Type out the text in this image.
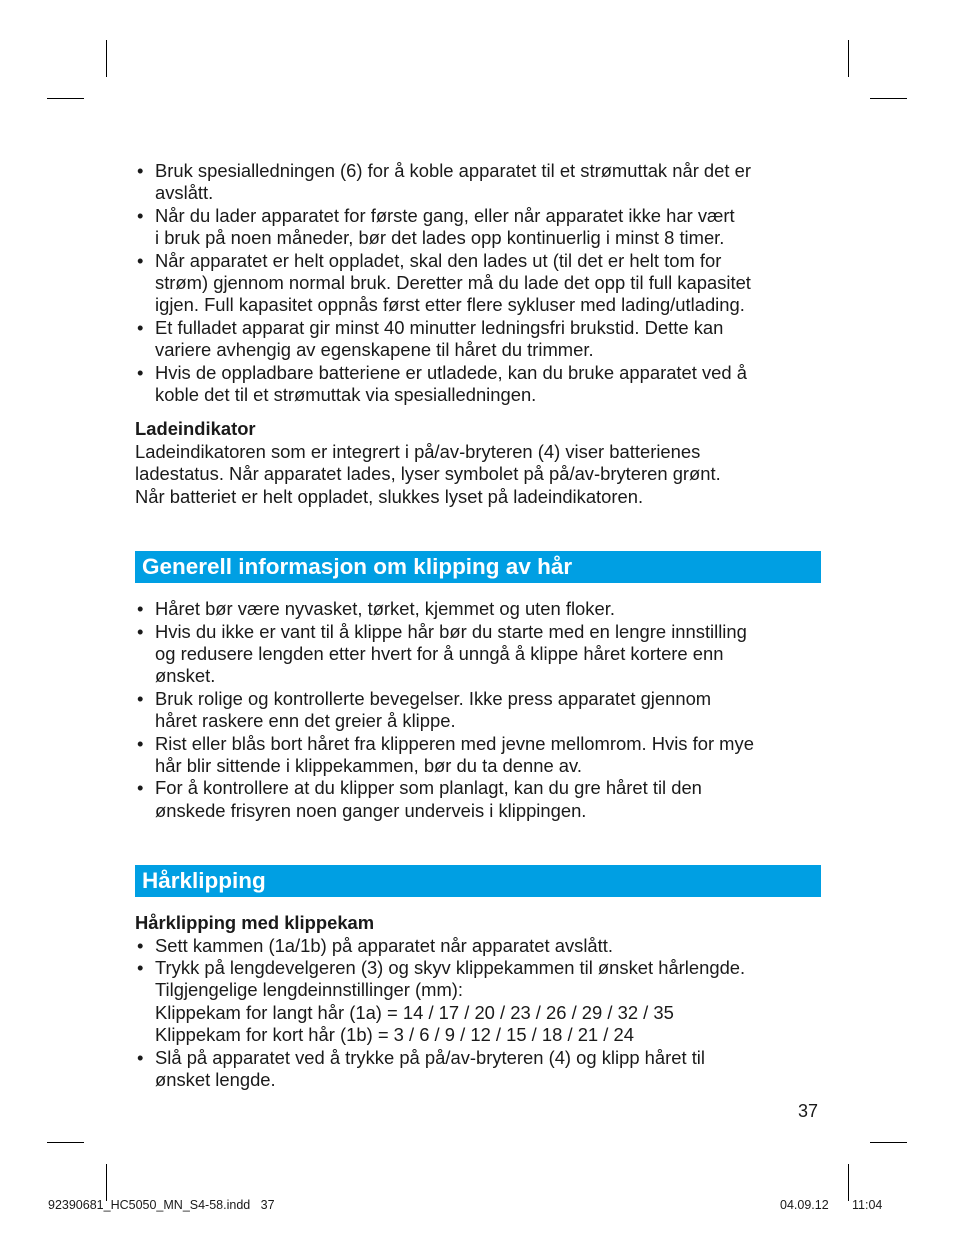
• Bruk spesialledningen (6) for å koble apparatet til et strømuttak når det er
avslått.
• Når du lader apparatet for første gang, eller når apparatet ikke har vært
i bruk på noen måneder, bør det lades opp kontinuerlig i minst 8 timer.
• Når apparatet er helt oppladet, skal den lades ut (til det er helt tom for
strøm) gjennom normal bruk. Deretter må du lade det opp til full kapasitet
igjen. Full kapasitet oppnås først etter flere sykluser med lading/utlading.
• Et fulladet apparat gir minst 40 minutter ledningsfri brukstid. Dette kan
variere avhengig av egenskapene til håret du trimmer.
• Hvis de oppladbare batteriene er utladede, kan du bruke apparatet ved å
koble det til et strømuttak via spesialledningen.

Ladeindikator

Ladeindikatoren som er integrert i på/av-bryteren (4) viser batterienes
ladestatus. Når apparatet lades, lyser symbolet på på/av-bryteren grønt.
Når batteriet er helt oppladet, slukkes lyset på ladeindikatoren.

Generell informasjon om klipping av hår
• Håret bør være nyvasket, tørket, kjemmet og uten floker.
• Hvis du ikke er vant til å klippe hår bør du starte med en lengre innstilling
og redusere lengden etter hvert for å unngå å klippe håret kortere enn
ønsket.
• Bruk rolige og kontrollerte bevegelser. Ikke press apparatet gjennom
håret raskere enn det greier å klippe.
• Rist eller blås bort håret fra klipperen med jevne mellomrom. Hvis for mye
hår blir sittende i klippekammen, bør du ta denne av.
• For å kontrollere at du klipper som planlagt, kan du gre håret til den
ønskede frisyren noen ganger underveis i klippingen.
Hårklipping

Hårklipping med klippekam

• Sett kammen (1a/1b) på apparatet når apparatet avslått.
• Trykk på lengdevelgeren (3) og skyv klippekammen til ønsket hårlengde.
Tilgjengelige lengdeinnstillinger (mm):
Klippekam for langt hår (1a) = 14 / 17 / 20 / 23 / 26 / 29 / 32 / 35
Klippekam for kort hår (1b) = 3 / 6 / 9 / 12 / 15 / 18 / 21 / 24
• Slå på apparatet ved å trykke på på/av-bryteren (4) og klipp håret til
ønsket lengde.
37
92390681_HC5050_MN_S4-58.indd   37	04.09.12 11:04
